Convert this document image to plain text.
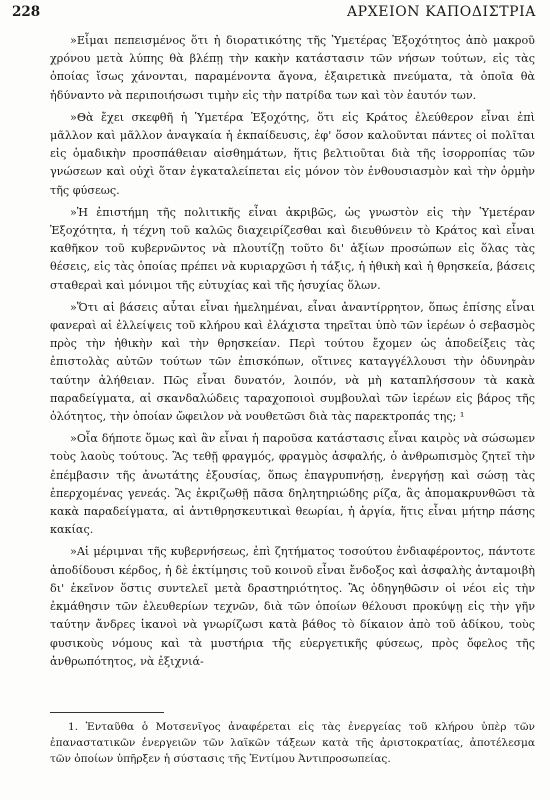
228	ΑΡΧΕΙΟΝ ΚΑΠΟΔΙΣΤΡΙΑ

»Εἶμαι πεπεισμένος ὅτι ἡ διορατικότης τῆς Ὑμετέρας Ἐξοχότητος ἀπὸ μακροῦ χρόνου μετὰ λύπης θὰ βλέπῃ τὴν κακὴν κατάστασιν τῶν νήσων τούτων, εἰς τὰς ὁποίας ἴσως χάνονται, παραμένοντα ἄγονα, ἐξαιρετικὰ πνεύματα, τὰ ὁποῖα θὰ ἠδύναντο νὰ περιποιήσωσι τιμὴν εἰς τὴν πατρίδα των καὶ τὸν ἑαυτόν των.

»Θὰ ἔχει σκεφθῆ ἡ Ὑμετέρα Ἐξοχότης, ὅτι εἰς Κράτος ἐλεύθερον εἶναι ἐπὶ μᾶλλον καὶ μᾶλλον ἀναγκαία ἡ ἐκπαίδευσις, ἐφ' ὅσον καλοῦνται πάντες οἱ πολῖται εἰς ὁμαδικὴν προσπάθειαν αἰσθημάτων, ἥτις βελτιοῦται διὰ τῆς ἰσορροπίας τῶν γνώσεων καὶ οὐχὶ ὅταν ἐγκαταλείπεται εἰς μόνον τὸν ἐνθουσιασμὸν καὶ τὴν ὁρμὴν τῆς φύσεως.

»Ἡ ἐπιστήμη τῆς πολιτικῆς εἶναι ἀκριβῶς, ὡς γνωστὸν εἰς τὴν Ὑμετέραν Ἐξοχότητα, ἡ τέχνη τοῦ καλῶς διαχειρίζεσθαι καὶ διευθύνειν τὸ Κράτος καὶ εἶναι καθῆκον τοῦ κυβερνῶντος νὰ πλουτίζῃ τοῦτο δι' ἀξίων προσώπων εἰς ὅλας τὰς θέσεις, εἰς τὰς ὁποίας πρέπει νὰ κυριαρχῶσι ἡ τάξις, ἡ ἠθικὴ καὶ ἡ θρησκεία, βάσεις σταθεραὶ καὶ μόνιμοι τῆς εὐτυχίας καὶ τῆς ἡσυχίας ὅλων.

»Ὅτι αἱ βάσεις αὗται εἶναι ἠμελημέναι, εἶναι ἀναντίρρητον, ὅπως ἐπίσης εἶναι φανεραὶ αἱ ἐλλείψεις τοῦ κλήρου καὶ ἐλάχιστα τηρεῖται ὑπὸ τῶν ἱερέων ὁ σεβασμὸς πρὸς τὴν ἠθικὴν καὶ τὴν θρησκείαν. Περὶ τούτου ἔχομεν ὡς ἀποδείξεις τὰς ἐπιστολὰς αὐτῶν τούτων τῶν ἐπισκόπων, οἵτινες καταγγέλλουσι τὴν ὀδυνηρὰν ταύτην ἀλήθειαν. Πῶς εἶναι δυνατόν, λοιπόν, νὰ μὴ καταπλήσσουν τὰ κακὰ παραδείγματα, αἱ σκανδαλώδεις ταραχοποιοὶ συμβουλαὶ τῶν ἱερέων εἰς βάρος τῆς ὁλότητος, τὴν ὁποίαν ὤφειλον νὰ νουθετῶσι διὰ τὰς παρεκτροπάς της; ¹

»Οἷα δήποτε ὅμως καὶ ἂν εἶναι ἡ παροῦσα κατάστασις εἶναι καιρὸς νὰ σώσωμεν τοὺς λαοὺς τούτους. Ἂς τεθῇ φραγμός, φραγμὸς ἀσφαλής, ὁ ἀνθρωπισμὸς ζητεῖ τὴν ἐπέμβασιν τῆς ἀνωτάτης ἐξουσίας, ὅπως ἐπαγρυπνήσῃ, ἐνεργήσῃ καὶ σώσῃ τὰς ἐπερχομένας γενεάς. Ἂς ἐκριζωθῇ πᾶσα δηλητηριώδης ρίζα, ἂς ἀπομακρυνθῶσι τὰ κακὰ παραδείγματα, αἱ ἀντιθρησκευτικαὶ θεωρίαι, ἡ ἀργία, ἥτις εἶναι μήτηρ πάσης κακίας.

»Αἱ μέριμναι τῆς κυβερνήσεως, ἐπὶ ζητήματος τοσούτου ἐνδιαφέροντος, πάντοτε ἀποδίδουσι κέρδος, ἡ δὲ ἐκτίμησις τοῦ κοινοῦ εἶναι ἔνδοξος καὶ ἀσφαλὴς ἀνταμοιβὴ δι' ἐκεῖνον ὅστις συντελεῖ μετὰ δραστηριότητος. Ἂς ὁδηγηθῶσιν οἱ νέοι εἰς τὴν ἐκμάθησιν τῶν ἐλευθερίων τεχνῶν, διὰ τῶν ὁποίων θέλουσι προκύψῃ εἰς τὴν γῆν ταύτην ἄνδρες ἱκανοὶ νὰ γνωρίζωσι κατὰ βάθος τὸ δίκαιον ἀπὸ τοῦ ἀδίκου, τοὺς φυσικοὺς νόμους καὶ τὰ μυστήρια τῆς εὐεργετικῆς φύσεως, πρὸς ὄφελος τῆς ἀνθρωπότητος, νὰ ἐξιχνιά-

1. Ἐνταῦθα ὁ Μοτσενῖγος ἀναφέρεται εἰς τὰς ἐνεργείας τοῦ κλήρου ὑπὲρ τῶν ἐπαναστατικῶν ἐνεργειῶν τῶν λαϊκῶν τάξεων κατὰ τῆς ἀριστοκρατίας, ἀποτέλεσμα τῶν ὁποίων ὑπῆρξεν ἡ σύστασις τῆς Ἐντίμου Ἀντιπροσωπείας.
